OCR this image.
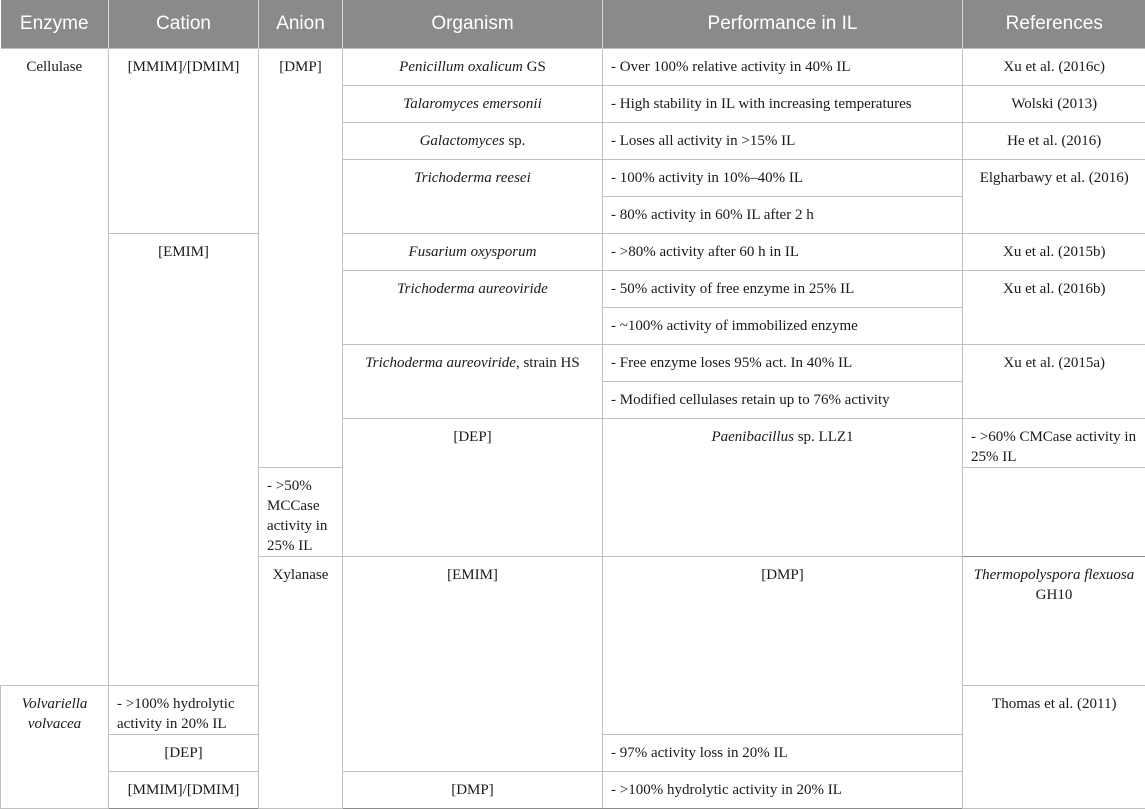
Enzyme	Cation	Anion	Organism	Performance in IL	References	
Cellulase	[MMIM]/[DMIM]	[DMP]	Penicillum oxalicum GS	- Over 100% relative activity in 40% IL	Xu et al. (2016c)	
			Talaromyces emersonii	- High stability in IL with increasing temperatures	Wolski (2013)	
			Galactomyces sp.	- Loses all activity in >15% IL	He et al. (2016)	
			Trichoderma reesei	- 100% activity in 10%–40% IL	Elgharbawy et al. (2016)	
				- 80% activity in 60% IL after 2 h		
	[EMIM]		Fusarium oxysporum	- >80% activity after 60 h in IL	Xu et al. (2015b)	
			Trichoderma aureoviride	- 50% activity of free enzyme in 25% IL	Xu et al. (2016b)	
				- ~100% activity of immobilized enzyme		
			Trichoderma aureoviride, strain HS	- Free enzyme loses 95% act. In 40% IL	Xu et al. (2015a)	
				- Modified cellulases retain up to 76% activity		
			[DEP]	Paenibacillus sp. LLZ1	- >60% CMCase activity in 25% IL	
		- >50% MCCase activity in 25% IL				
		Xylanase	[EMIM]	[DMP]	Thermopolyspora flexuosa GH10		
Volvariella volvacea	- >100% hydrolytic activity in 20% IL				Thomas et al. (2011)	
	[DEP]			- 97% activity loss in 20% IL		
	[MMIM]/[DMIM]		[DMP]	- >100% hydrolytic activity in 20% IL		
